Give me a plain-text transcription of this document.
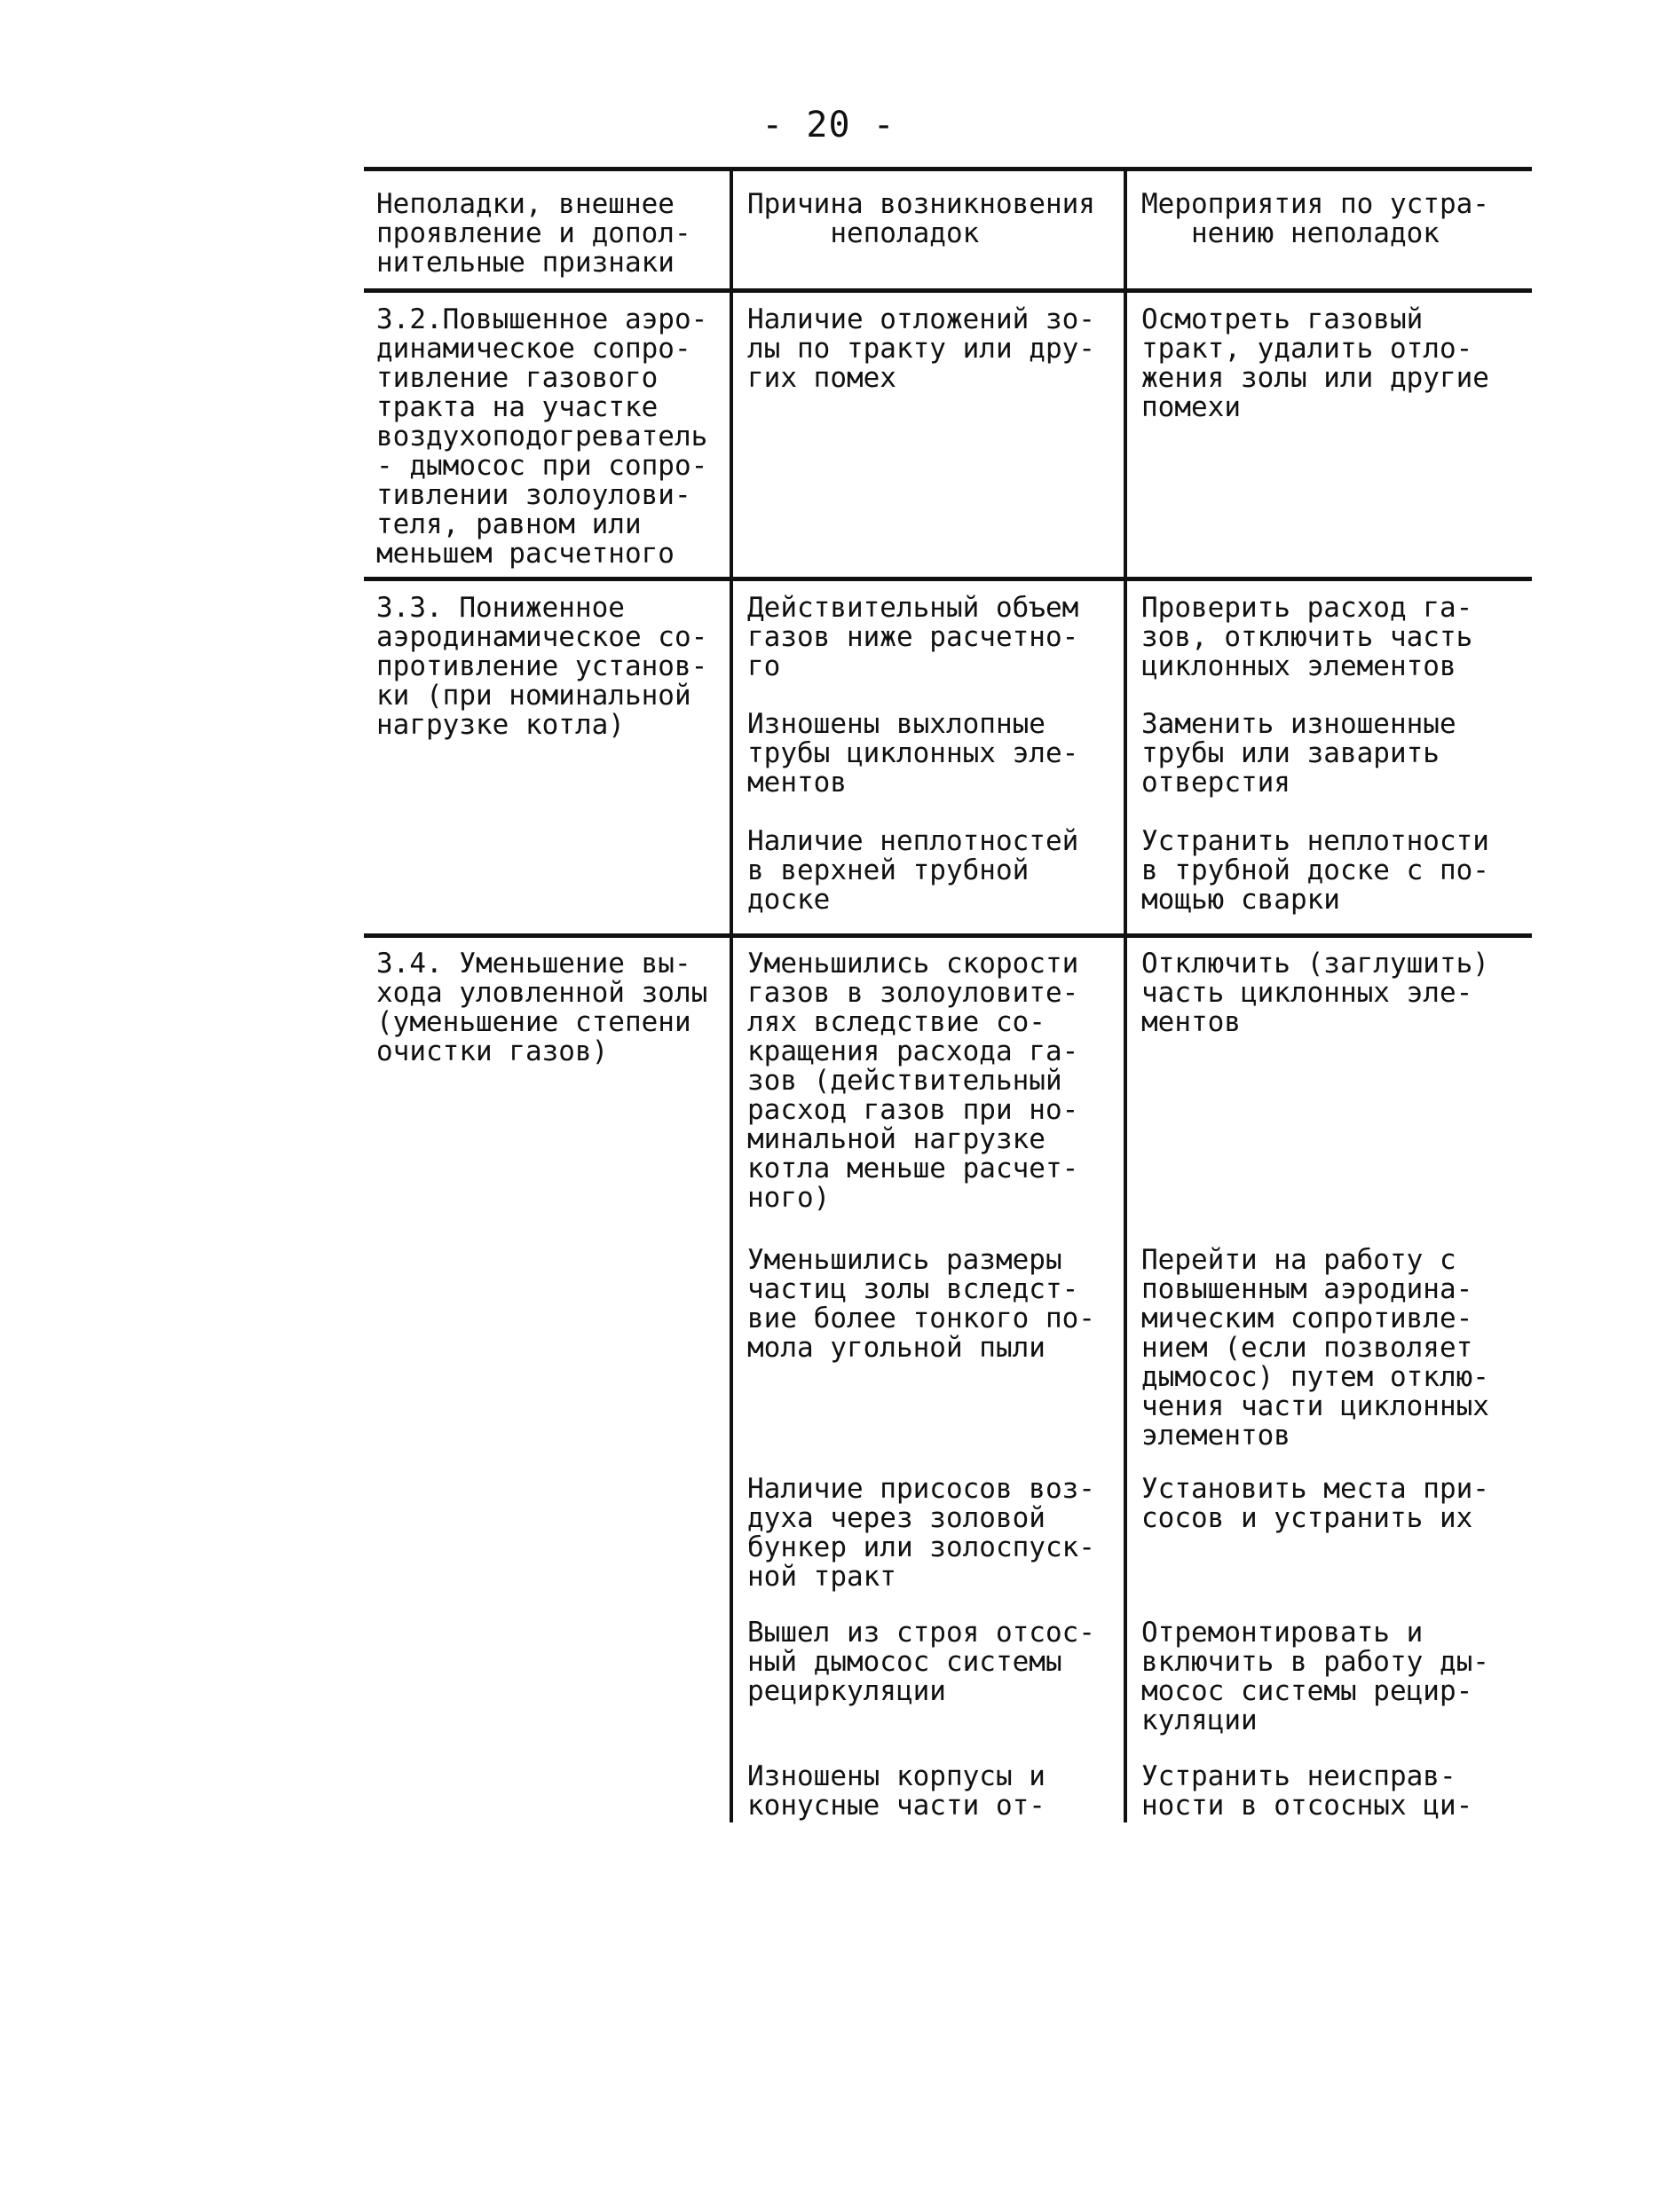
- 20 -
Неполадки, внешнее
проявление и допол-
нительные признаки
Причина возникновения
неполадок
Мероприятия по устра-
нению неполадок
3.2.Повышенное аэро-
динамическое сопро-
тивление газового
тракта на участке
воздухоподогреватель
- дымосос при сопро-
тивлении золоулови-
теля, равном или
меньшем расчетного
Наличие отложений зо-
лы по тракту или дру-
гих помех
Осмотреть газовый
тракт, удалить отло-
жения золы или другие
помехи
3.3. Пониженное
аэродинамическое со-
противление установ-
ки (при номинальной
нагрузке котла)
Действительный объем
газов ниже расчетно-
го
Проверить расход га-
зов, отключить часть
циклонных элементов
Изношены выхлопные
трубы циклонных эле-
ментов
Заменить изношенные
трубы или заварить
отверстия
Наличие неплотностей
в верхней трубной
доске
Устранить неплотности
в трубной доске с по-
мощью сварки
3.4. Уменьшение вы-
хода уловленной золы
(уменьшение степени
очистки газов)
Уменьшились скорости
газов в золоуловите-
лях вследствие со-
кращения расхода га-
зов (действительный
расход газов при но-
минальной нагрузке
котла меньше расчет-
ного)
Отключить (заглушить)
часть циклонных эле-
ментов
Уменьшились размеры
частиц золы вследст-
вие более тонкого по-
мола угольной пыли
Перейти на работу с
повышенным аэродина-
мическим сопротивле-
нием (если позволяет
дымосос) путем отклю-
чения части циклонных
элементов
Наличие присосов воз-
духа через золовой
бункер или золоспуск-
ной тракт
Установить места при-
сосов и устранить их
Вышел из строя отсос-
ный дымосос системы
рециркуляции
Отремонтировать и
включить в работу ды-
мосос системы рецир-
куляции
Изношены корпусы и
конусные части от-
Устранить неисправ-
ности в отсосных ци-
